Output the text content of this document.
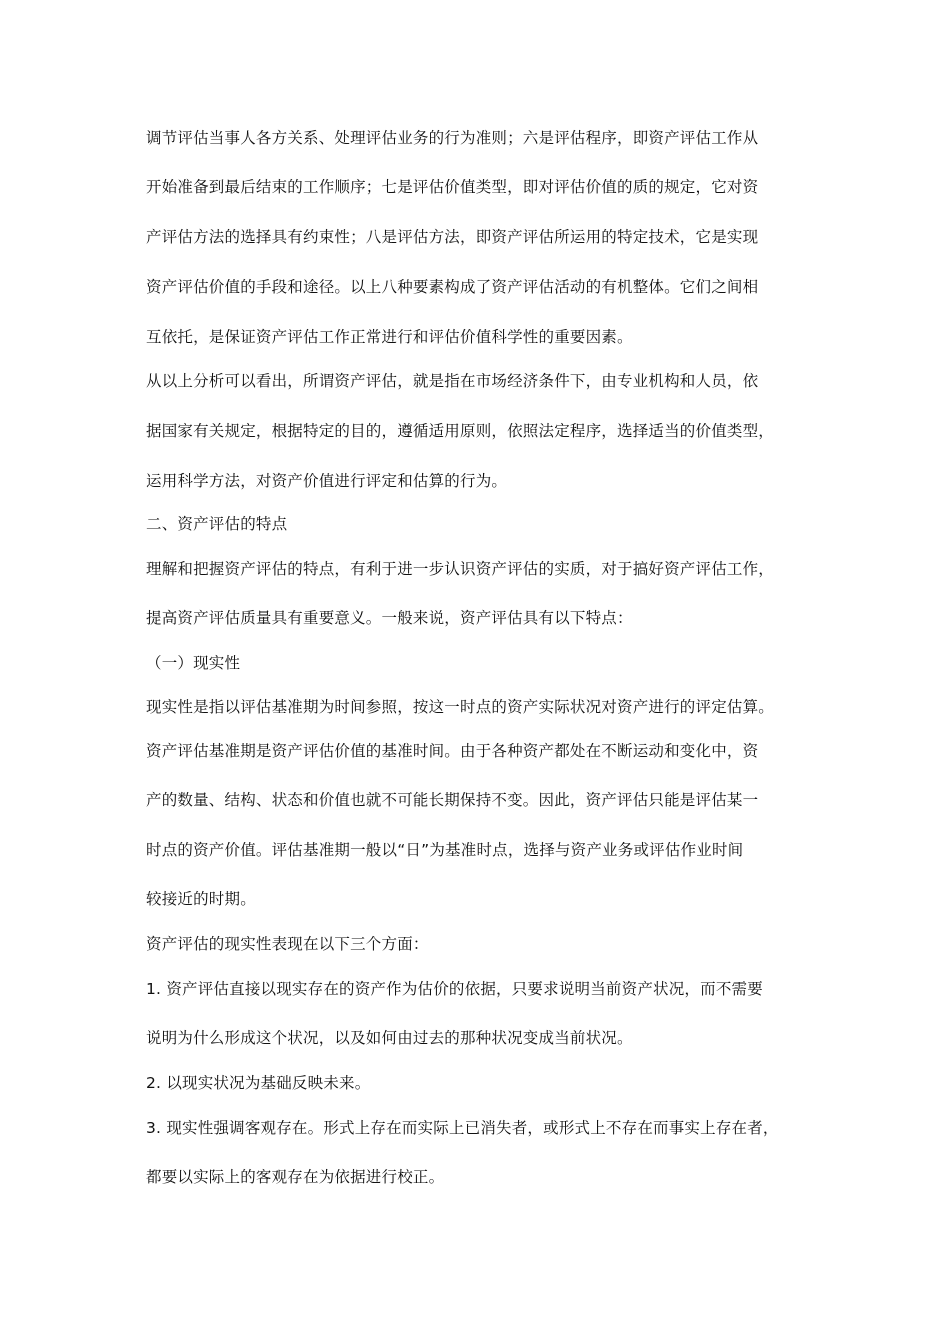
调节评估当事人各方关系、处理评估业务的行为准则；六是评估程序，即资产评估工作从
开始准备到最后结束的工作顺序；七是评估价值类型，即对评估价值的质的规定，它对资
产评估方法的选择具有约束性；八是评估方法，即资产评估所运用的特定技术，它是实现
资产评估价值的手段和途径。以上八种要素构成了资产评估活动的有机整体。它们之间相
互依托，是保证资产评估工作正常进行和评估价值科学性的重要因素。
从以上分析可以看出，所谓资产评估，就是指在市场经济条件下，由专业机构和人员，依
据国家有关规定，根据特定的目的，遵循适用原则，依照法定程序，选择适当的价值类型，
运用科学方法，对资产价值进行评定和估算的行为。
二、资产评估的特点
理解和把握资产评估的特点，有利于进一步认识资产评估的实质，对于搞好资产评估工作，
提高资产评估质量具有重要意义。一般来说，资产评估具有以下特点：
（一）现实性
现实性是指以评估基准期为时间参照，按这一时点的资产实际状况对资产进行的评定估算。
资产评估基准期是资产评估价值的基准时间。由于各种资产都处在不断运动和变化中，资
产的数量、结构、状态和价值也就不可能长期保持不变。因此，资产评估只能是评估某一
时点的资产价值。评估基准期一般以“日”为基准时点，选择与资产业务或评估作业时间
较接近的时期。
资产评估的现实性表现在以下三个方面：
1. 资产评估直接以现实存在的资产作为估价的依据，只要求说明当前资产状况，而不需要
说明为什么形成这个状况，以及如何由过去的那种状况变成当前状况。
2. 以现实状况为基础反映未来。
3. 现实性强调客观存在。形式上存在而实际上已消失者，或形式上不存在而事实上存在者，
都要以实际上的客观存在为依据进行校正。
